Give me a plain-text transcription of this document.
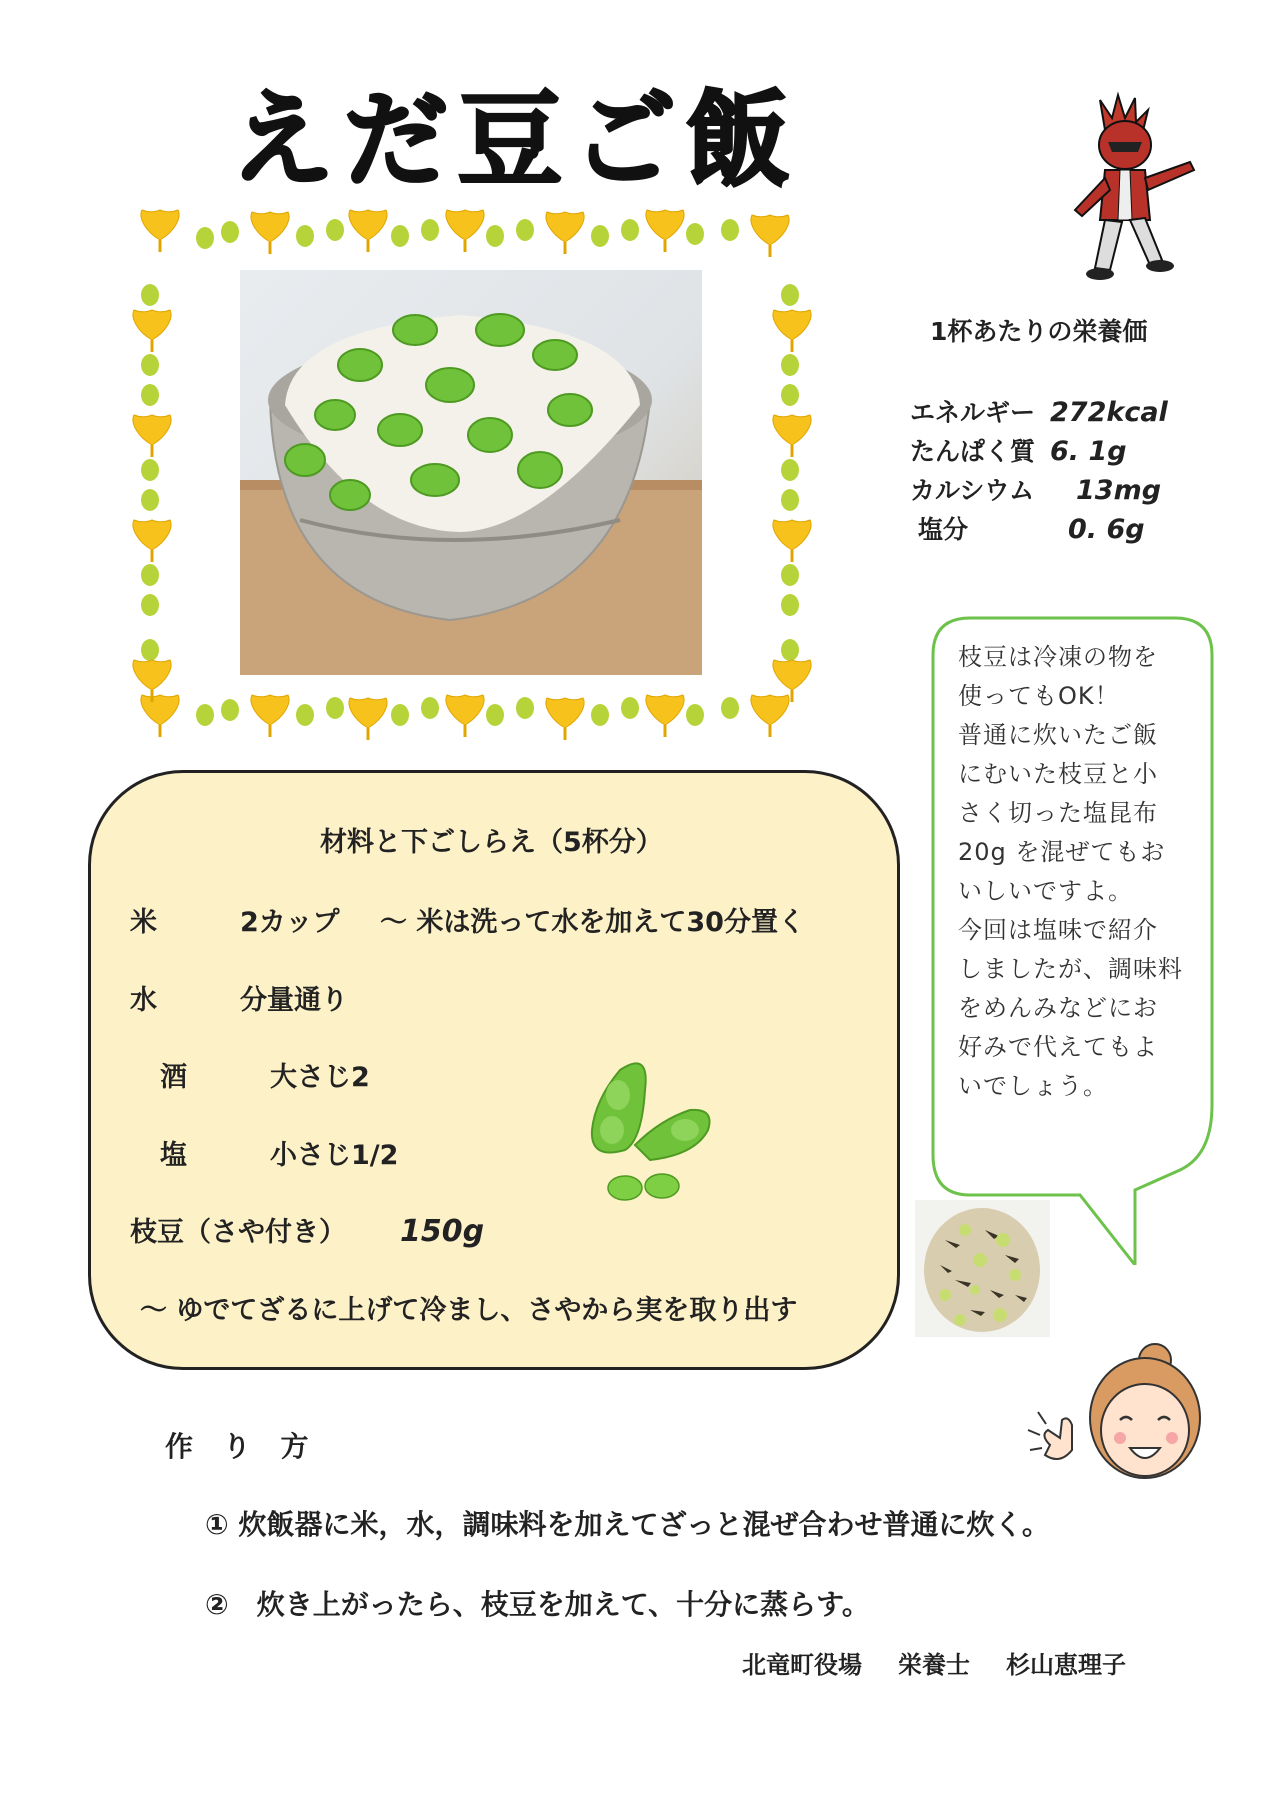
えだ豆ご飯
1杯あたりの栄養価
エネルギー 272kcal
たんぱく質 6. 1g
カルシウム 13mg
塩分	0. 6g
枝豆は冷凍の物を
使ってもOK！
普通に炊いたご飯
にむいた枝豆と小
さく切った塩昆布
20g を混ぜてもお
いしいですよ。
今回は塩味で紹介
しましたが、調味料
をめんみなどにお
好みで代えてもよ
いでしょう。
材料と下ごしらえ（5杯分）
米	2カップ ～ 米は洗って水を加えて30分置く
水	分量通り
酒	大さじ2
塩	小さじ1/2
枝豆（さや付き） 150g
～ ゆでてざるに上げて冷まし、さやから実を取り出す
作 り 方
① 炊飯器に米，水，調味料を加えてざっと混ぜ合わせ普通に炊く。
②　炊き上がったら、枝豆を加えて、十分に蒸らす。
北竜町役場 栄養士 杉山恵理子
